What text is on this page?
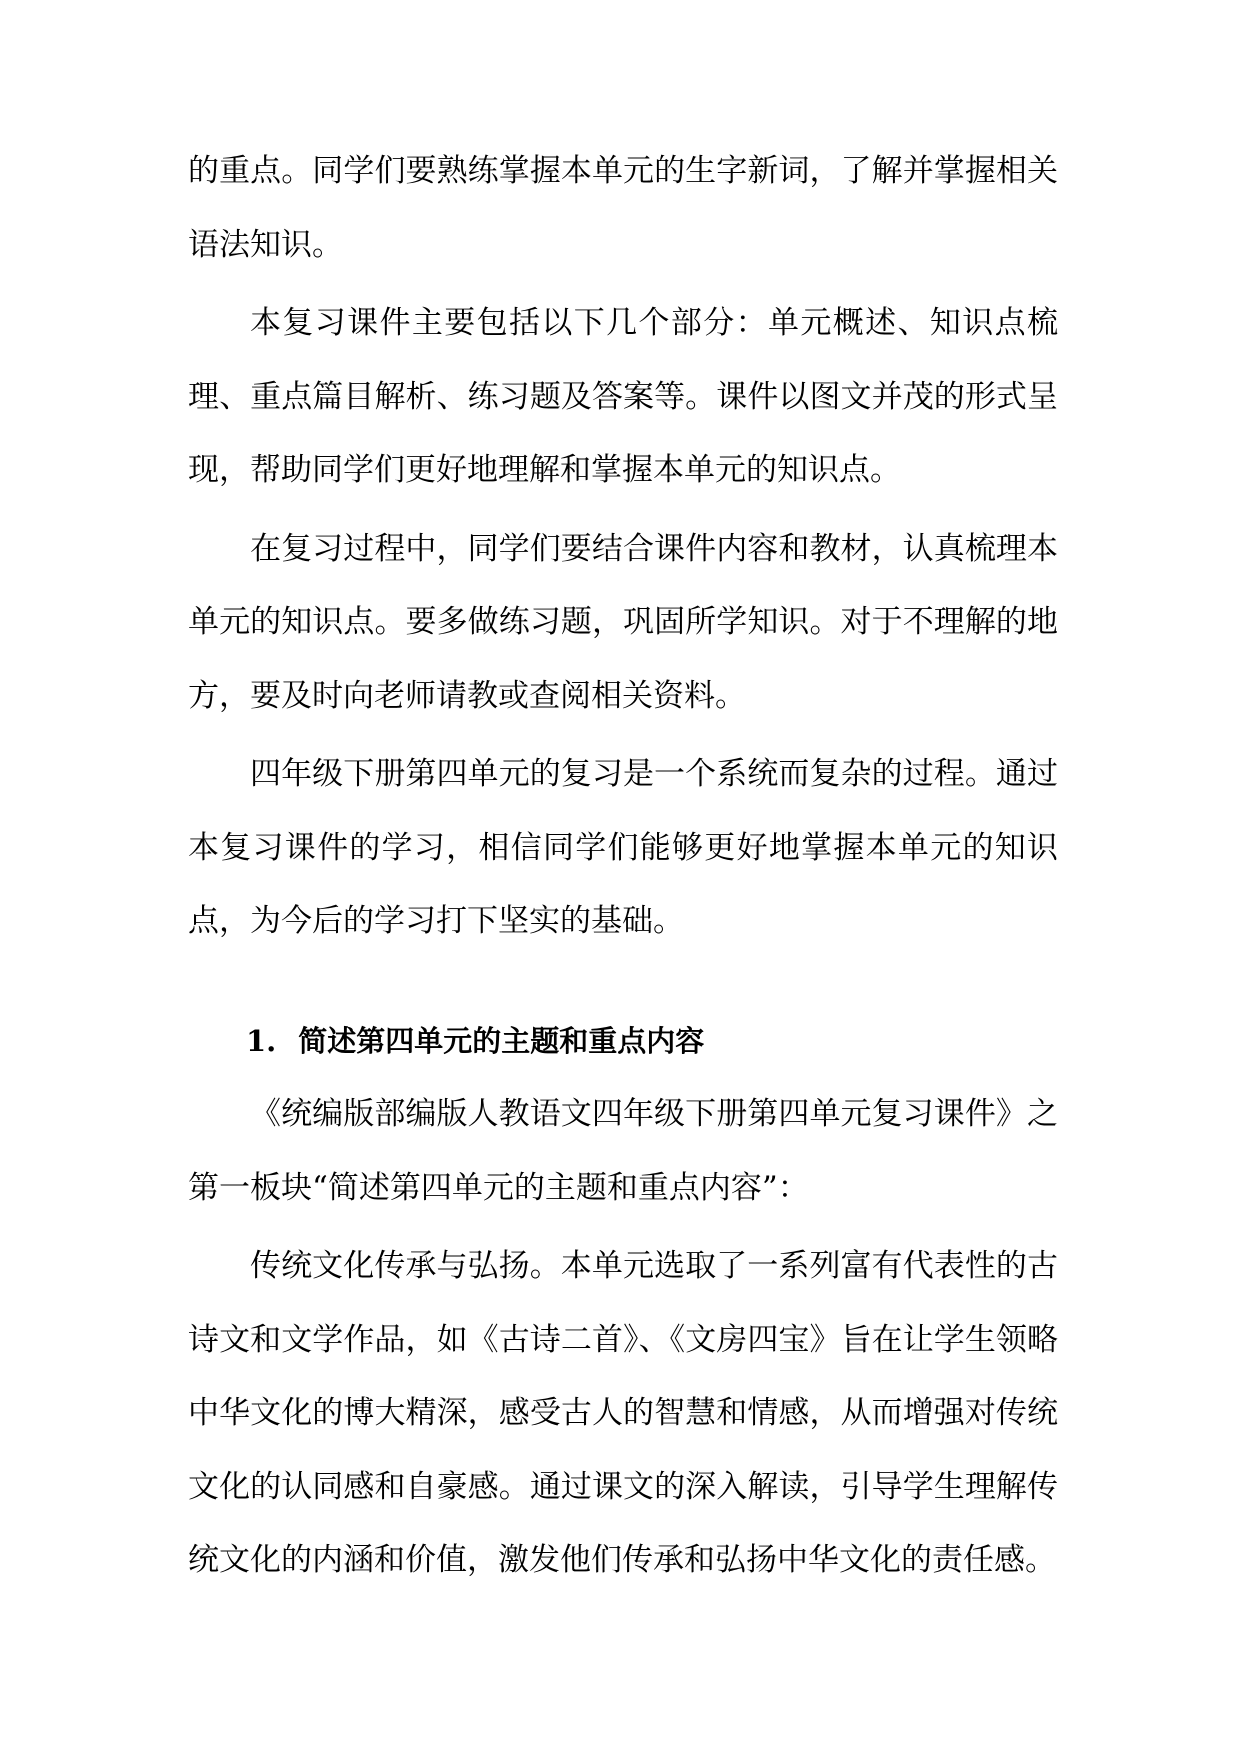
的重点。同学们要熟练掌握本单元的生字新词，了解并掌握相关语法知识。

本复习课件主要包括以下几个部分：单元概述、知识点梳理、重点篇目解析、练习题及答案等。课件以图文并茂的形式呈现，帮助同学们更好地理解和掌握本单元的知识点。

在复习过程中，同学们要结合课件内容和教材，认真梳理本单元的知识点。要多做练习题，巩固所学知识。对于不理解的地方，要及时向老师请教或查阅相关资料。

四年级下册第四单元的复习是一个系统而复杂的过程。通过本复习课件的学习，相信同学们能够更好地掌握本单元的知识点，为今后的学习打下坚实的基础。

1. 简述第四单元的主题和重点内容

《统编版部编版人教语文四年级下册第四单元复习课件》之第一板块“简述第四单元的主题和重点内容”：

传统文化传承与弘扬。本单元选取了一系列富有代表性的古诗文和文学作品，如《古诗二首》、《文房四宝》旨在让学生领略中华文化的博大精深，感受古人的智慧和情感，从而增强对传统文化的认同感和自豪感。通过课文的深入解读，引导学生理解传统文化的内涵和价值，激发他们传承和弘扬中华文化的责任感。
